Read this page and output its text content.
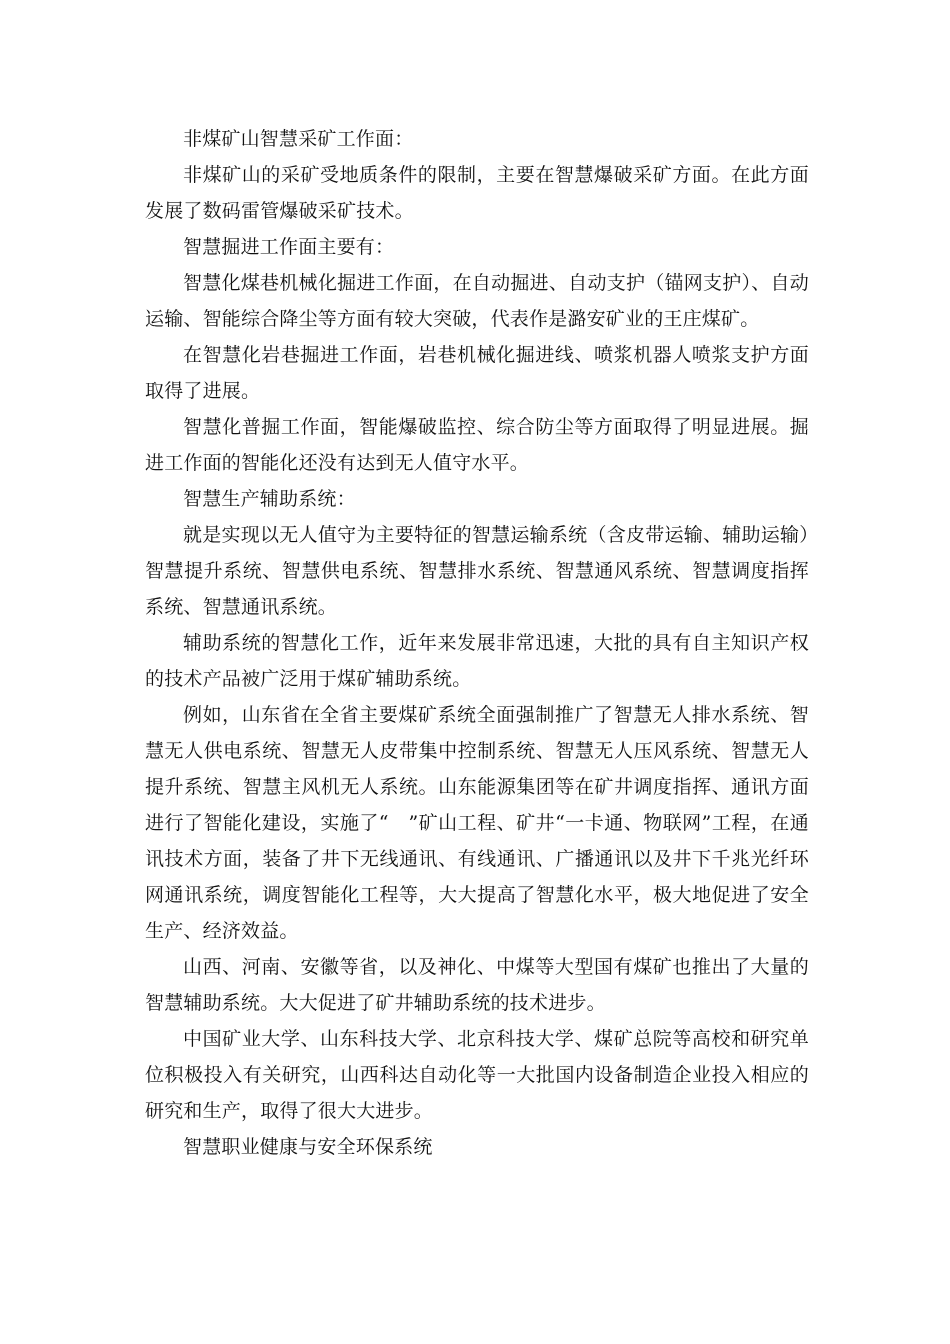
非煤矿山智慧采矿工作面：

非煤矿山的采矿受地质条件的限制，主要在智慧爆破采矿方面。在此方面发展了数码雷管爆破采矿技术。

智慧掘进工作面主要有：

智慧化煤巷机械化掘进工作面，在自动掘进、自动支护（锚网支护）、自动运输、智能综合降尘等方面有较大突破，代表作是潞安矿业的王庄煤矿。

在智慧化岩巷掘进工作面，岩巷机械化掘进线、喷浆机器人喷浆支护方面取得了进展。

智慧化普掘工作面，智能爆破监控、综合防尘等方面取得了明显进展。掘进工作面的智能化还没有达到无人值守水平。

智慧生产辅助系统：

就是实现以无人值守为主要特征的智慧运输系统（含皮带运输、辅助运输）智慧提升系统、智慧供电系统、智慧排水系统、智慧通风系统、智慧调度指挥系统、智慧通讯系统。

辅助系统的智慧化工作，近年来发展非常迅速，大批的具有自主知识产权的技术产品被广泛用于煤矿辅助系统。

例如，山东省在全省主要煤矿系统全面强制推广了智慧无人排水系统、智慧无人供电系统、智慧无人皮带集中控制系统、智慧无人压风系统、智慧无人提升系统、智慧主风机无人系统。山东能源集团等在矿井调度指挥、通讯方面进行了智能化建设，实施了“　”矿山工程、矿井“一卡通、物联网”工程，在通讯技术方面，装备了井下无线通讯、有线通讯、广播通讯以及井下千兆光纤环网通讯系统，调度智能化工程等，大大提高了智慧化水平，极大地促进了安全生产、经济效益。

山西、河南、安徽等省，以及神化、中煤等大型国有煤矿也推出了大量的智慧辅助系统。大大促进了矿井辅助系统的技术进步。

中国矿业大学、山东科技大学、北京科技大学、煤矿总院等高校和研究单位积极投入有关研究，山西科达自动化等一大批国内设备制造企业投入相应的研究和生产，取得了很大大进步。

智慧职业健康与安全环保系统
